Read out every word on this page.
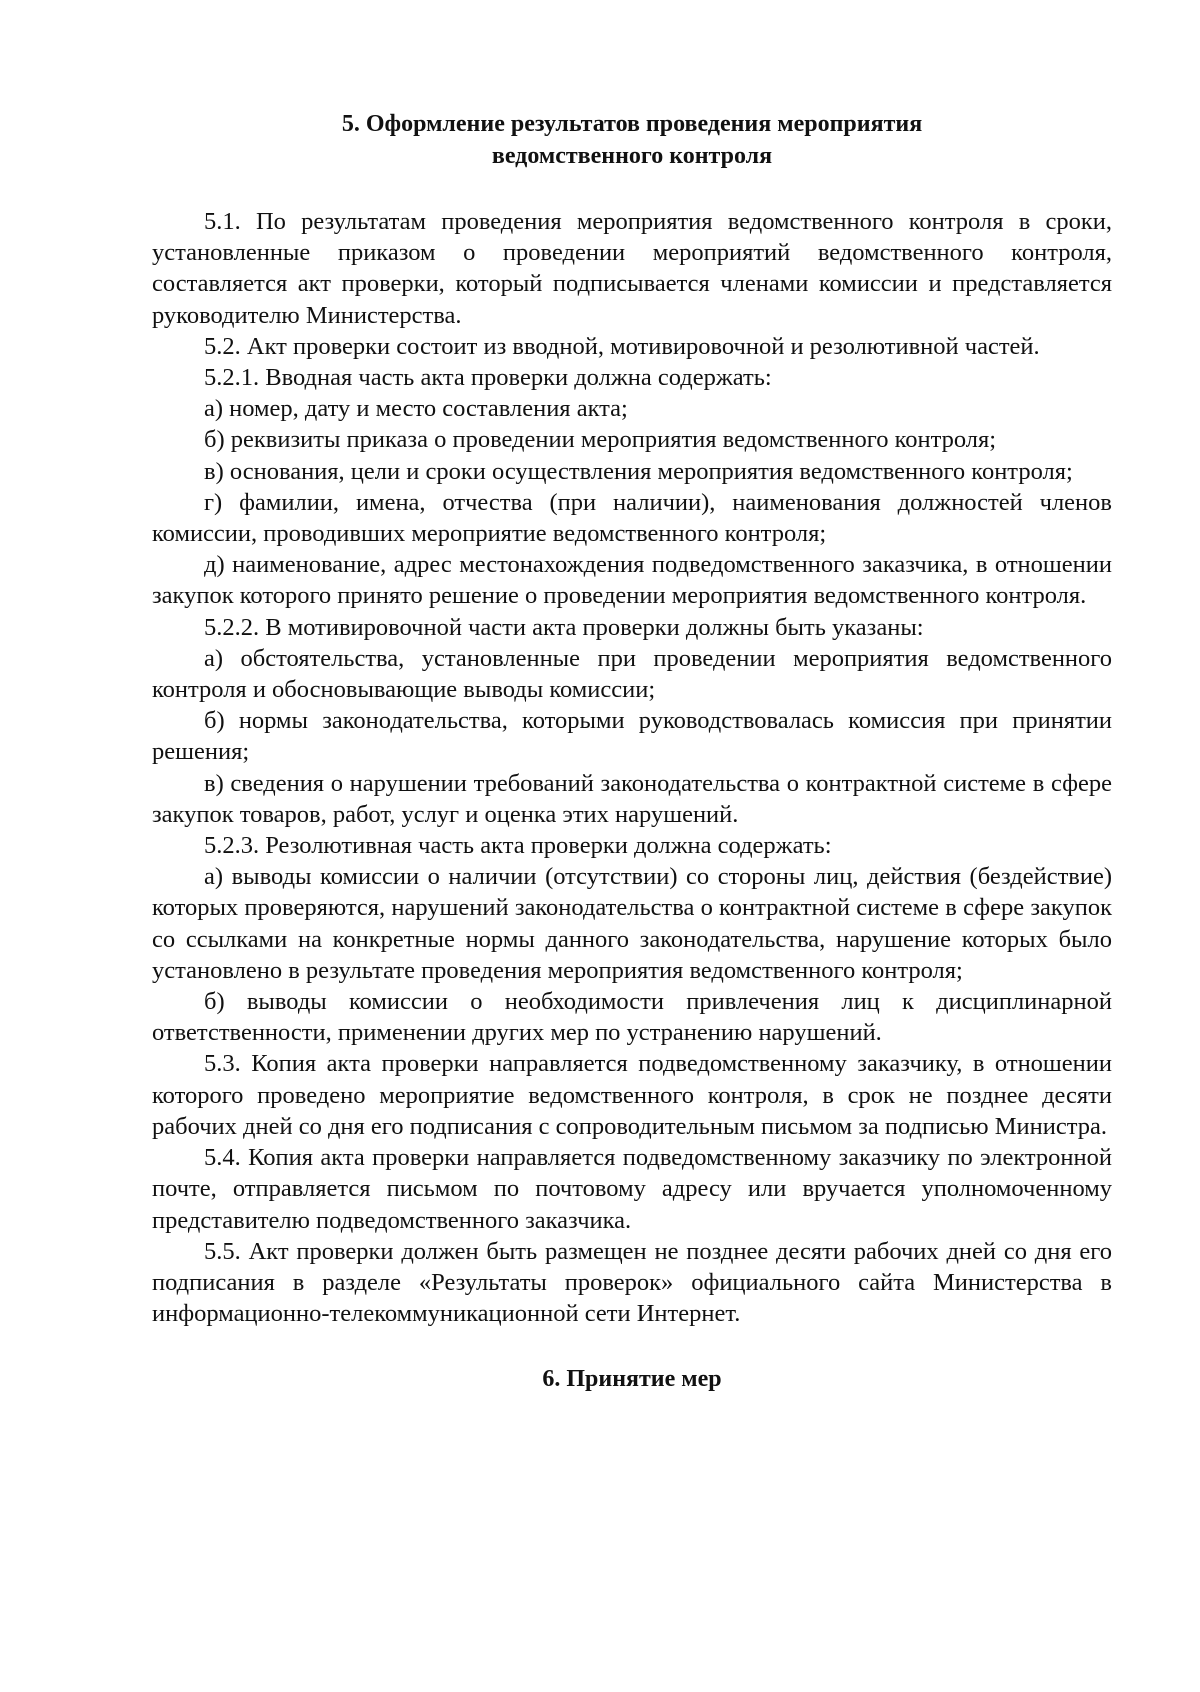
5. Оформление результатов проведения мероприятия
ведомственного контроля

5.1. По результатам проведения мероприятия ведомственного контроля в сроки, установленные приказом о проведении мероприятий ведомственного контроля, составляется акт проверки, который подписывается членами комиссии и представляется руководителю Министерства.

5.2. Акт проверки состоит из вводной, мотивировочной и резолютивной частей.

5.2.1. Вводная часть акта проверки должна содержать:

а) номер, дату и место составления акта;

б) реквизиты приказа о проведении мероприятия ведомственного контроля;

в) основания, цели и сроки осуществления мероприятия ведомственного контроля;

г) фамилии, имена, отчества (при наличии), наименования должностей членов комиссии, проводивших мероприятие ведомственного контроля;

д) наименование, адрес местонахождения подведомственного заказчика, в отношении закупок которого принято решение о проведении мероприятия ведомственного контроля.

5.2.2. В мотивировочной части акта проверки должны быть указаны:

а) обстоятельства, установленные при проведении мероприятия ведомственного контроля и обосновывающие выводы комиссии;

б) нормы законодательства, которыми руководствовалась комиссия при принятии решения;

в) сведения о нарушении требований законодательства о контрактной системе в сфере закупок товаров, работ, услуг и оценка этих нарушений.

5.2.3. Резолютивная часть акта проверки должна содержать:

а) выводы комиссии о наличии (отсутствии) со стороны лиц, действия (бездействие) которых проверяются, нарушений законодательства о контрактной системе в сфере закупок со ссылками на конкретные нормы данного законодательства, нарушение которых было установлено в результате проведения мероприятия ведомственного контроля;

б) выводы комиссии о необходимости привлечения лиц к дисциплинарной ответственности, применении других мер по устранению нарушений.

5.3. Копия акта проверки направляется подведомственному заказчику, в отношении которого проведено мероприятие ведомственного контроля, в срок не позднее десяти рабочих дней со дня его подписания с сопроводительным письмом за подписью Министра.

5.4. Копия акта проверки направляется подведомственному заказчику по электронной почте, отправляется письмом по почтовому адресу или вручается уполномоченному представителю подведомственного заказчика.

5.5. Акт проверки должен быть размещен не позднее десяти рабочих дней со дня его подписания в разделе «Результаты проверок» официального сайта Министерства в информационно-телекоммуникационной сети Интернет.

6. Принятие мер
